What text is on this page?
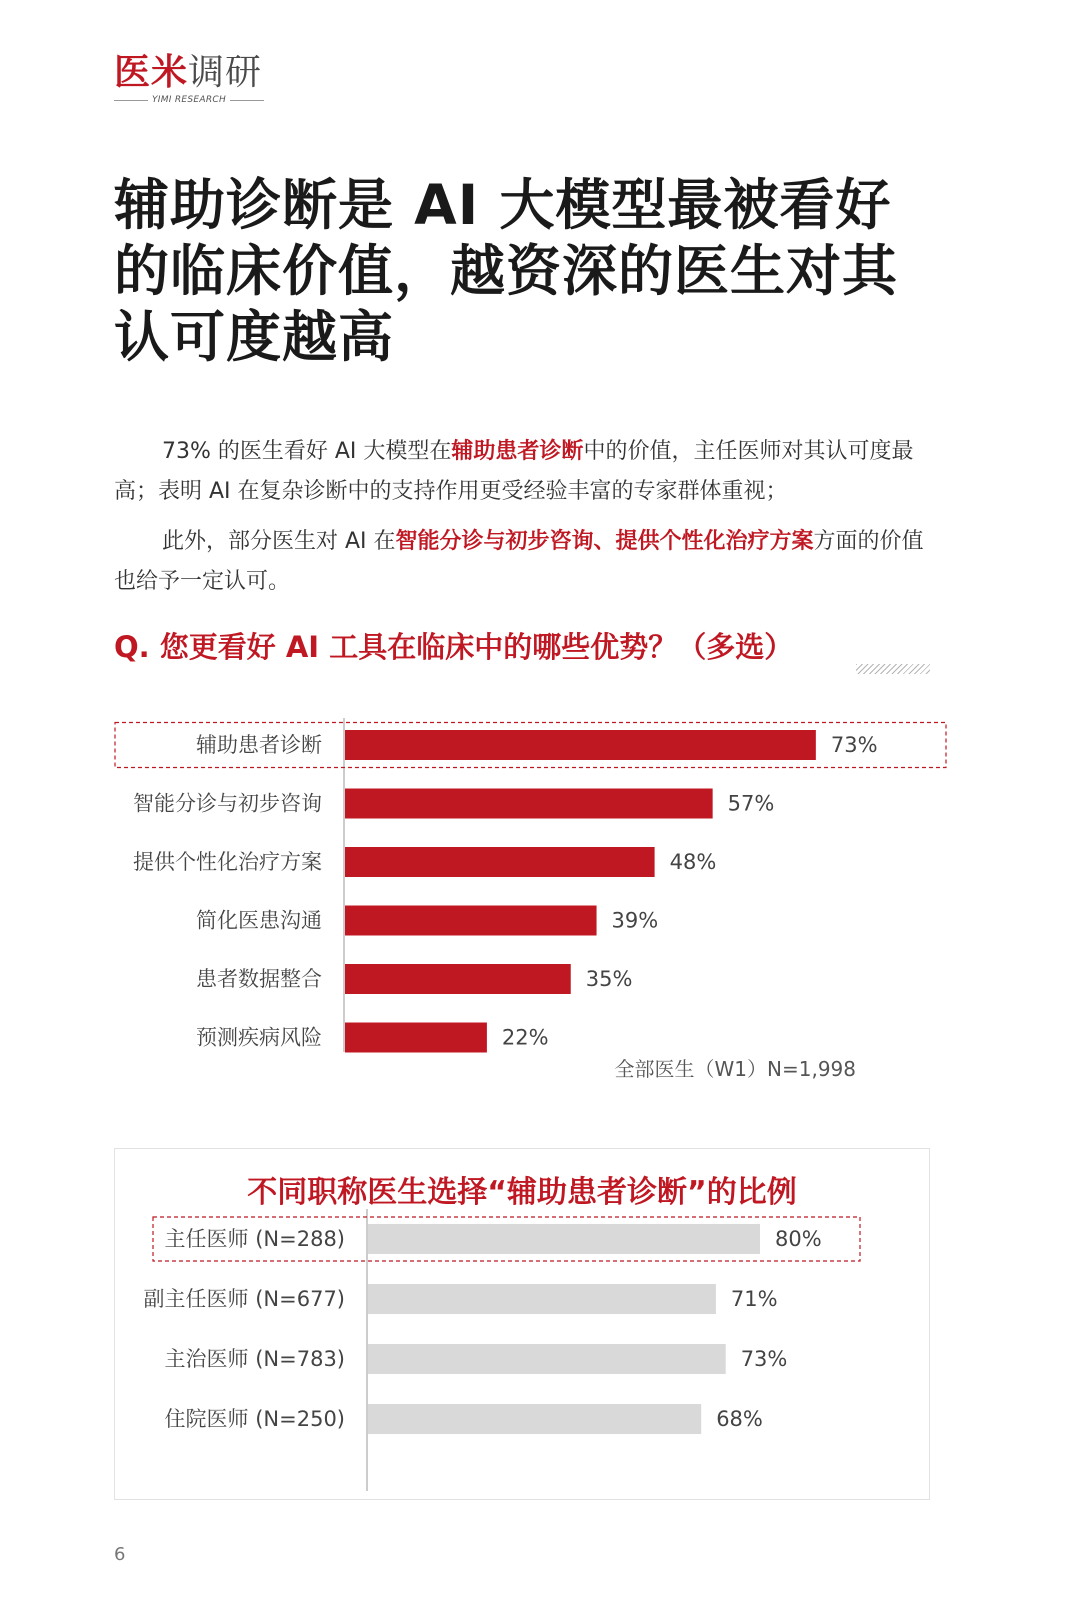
医米调研
YIMI RESEARCH
辅助诊断是 AI 大模型最被看好的临床价值，越资深的医生对其认可度越高

73% 的医生看好 AI 大模型在辅助患者诊断中的价值，主任医师对其认可度最高；表明 AI 在复杂诊断中的支持作用更受经验丰富的专家群体重视；

此外，部分医生对 AI 在智能分诊与初步咨询、提供个性化治疗方案方面的价值也给予一定认可。

Q. 您更看好 AI 工具在临床中的哪些优势？（多选）
辅助患者诊断	73%
智能分诊与初步咨询	57%
提供个性化治疗方案	48%
简化医患沟通	39%
患者数据整合	35%
预测疾病风险	22%
全部医生（W1）N=1,998
不同职称医生选择“辅助患者诊断”的比例
主任医师 (N=288)	80%
副主任医师 (N=677)	71%
主治医师 (N=783)	73%
住院医师 (N=250)	68%
6
